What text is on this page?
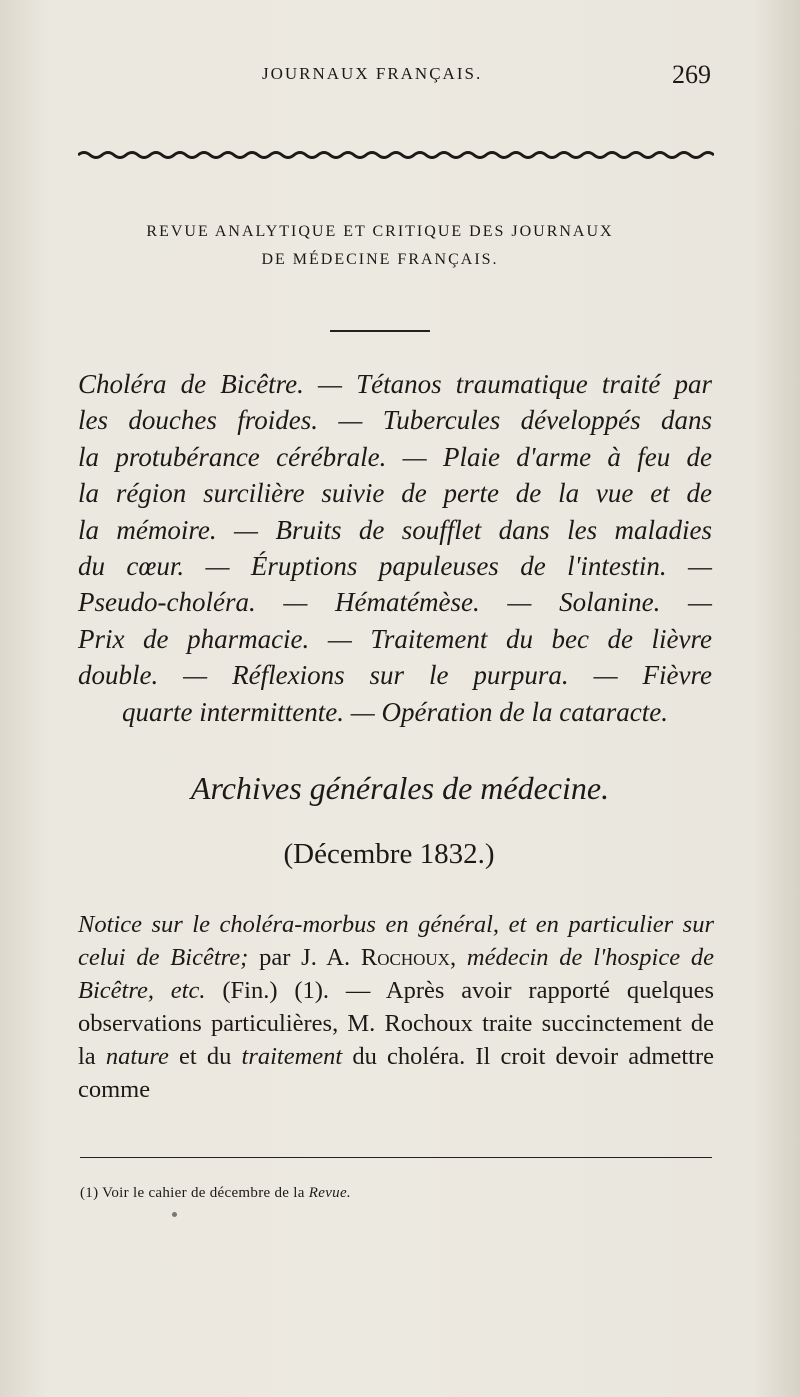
JOURNAUX FRANÇAIS.	269
REVUE ANALYTIQUE ET CRITIQUE DES JOURNAUX
DE MÉDECINE FRANÇAIS.
Choléra de Bicêtre. — Tétanos traumatique traité par
les douches froides. — Tubercules développés dans
la protubérance cérébrale. — Plaie d'arme à feu de
la région surcilière suivie de perte de la vue et de
la mémoire. — Bruits de soufflet dans les maladies
du cœur. — Éruptions papuleuses de l'intestin. —
Pseudo-choléra. — Hématémèse. — Solanine. —
Prix de pharmacie. — Traitement du bec de lièvre
double. — Réflexions sur le purpura. — Fièvre
quarte intermittente. — Opération de la cataracte.
Archives générales de médecine.
(Décembre 1832.)

Notice sur le choléra-morbus en général, et en particulier sur celui de Bicêtre; par J. A. Rochoux, médecin de l'hospice de Bicêtre, etc. (Fin.) (1). — Après avoir rapporté quelques observations particulières, M. Rochoux traite succinctement de la nature et du traitement du choléra. Il croit devoir admettre comme

(1) Voir le cahier de décembre de la Revue.
